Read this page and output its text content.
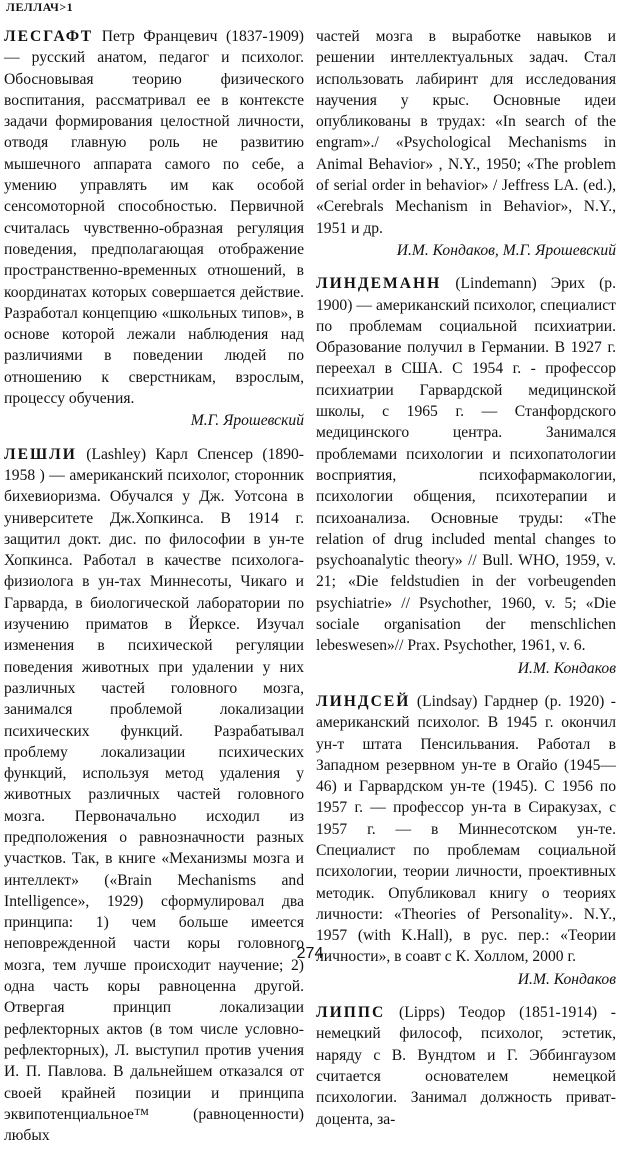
ЛЕЛЛАЧ>1

ЛЕСГАФТ Петр Францевич (1837-1909) — русский анатом, педагог и психолог. Обосновывая теорию физического воспитания, рассматривал ее в контексте задачи формирования целостной личности, отводя главную роль не развитию мышечного аппарата самого по себе, а умению управлять им как особой сенсомоторной способностью. Первичной считалась чувственно-образная регуляция поведения, предполагающая отображение пространственно-временных отношений, в координатах которых совершается действие. Разработал концепцию «школьных типов», в основе которой лежали наблюдения над различиями в поведении людей по отношению к сверстникам, взрослым, процессу обучения.

М.Г. Ярошевский

ЛЕШЛИ (Lashley) Карл Спенсер (1890-1958 ) — американский психолог, сторонник бихевиоризма. Обучался у Дж. Уотсона в университете Дж.Хопкинса. В 1914 г. защитил докт. дис. по философии в ун-те Хопкинса. Работал в качестве психолога-физиолога в ун-тах Миннесоты, Чикаго и Гарварда, в биологической лаборатории по изучению приматов в Йеркcе. Изучал изменения в психической регуляции поведения животных при удалении у них различных частей головного мозга, занимался проблемой локализации психических функций. Разрабатывал проблему локализации психических функций, используя метод удаления у животных различных частей головного мозга. Первоначально исходил из предположения о равнозначности разных участков. Так, в книге «Механизмы мозга и интеллект» («Brain Mechanisms and Intelligence», 1929) сформулировал два принципа: 1) чем больше имеется неповрежденной части коры головного мозга, тем лучше происходит научение; 2) одна часть коры равноценна другой. Отвергая принцип локализации рефлекторных актов (в том числе условно-рефлекторных), Л. выступил против учения И. П. Павлова. В дальнейшем отказался от своей крайней позиции и принципа эквипотенциальное™ (равноценности) любых

частей мозга в выработке навыков и решении интеллектуальных задач. Стал использовать лабиринт для исследования научения у крыс. Основные идеи опубликованы в трудах: «In search of the engram»./ «Psychological Mechanisms in Animal Behavior» , N.Y., 1950; «The problem of serial order in behavior» / Jeffress LA. (ed.), «Cerebrals Mechanism in Behavior», N.Y., 1951 и др.

И.М. Кондаков, М.Г. Ярошевский

ЛИНДЕМАНН (Lindemann) Эрих (р. 1900) — американский психолог, специалист по проблемам социальной психиатрии. Образование получил в Германии. В 1927 г. переехал в США. С 1954 г. - профессор психиатрии Гарвардской медицинской школы, с 1965 г. — Станфордского медицинского центра. Занимался проблемами психологии и психопатологии восприятия, психофармакологии, психологии общения, психотерапии и психоанализа. Основные труды: «The relation of drug included mental changes to psychoanalytic theory» // Bull. WHO, 1959, v. 21; «Die feldstudien in der vorbeugenden psychiatrie» // Psychother, 1960, v. 5; «Die sociale organisation der menschlichen lebeswesen»// Prax. Psychother, 1961, v. 6.

И.М. Кондаков

ЛИНДСЕЙ (Lindsay) Гарднер (р. 1920) - американский психолог. В 1945 г. окончил ун-т штата Пенсильвания. Работал в Западном резервном ун-те в Огайо (1945—46) и Гарвардском ун-те (1945). С 1956 по 1957 г. — профессор ун-та в Сиракузах, с 1957 г. — в Миннесотском ун-те. Специалист по проблемам социальной психологии, теории личности, проективных методик. Опубликовал книгу о теориях личности: «Theories of Personality». N.Y., 1957 (with K.Hall), в рус. пер.: «Теории личности», в соавт с К. Холлом, 2000 г.

И.М. Кондаков

ЛИППС (Lipps) Теодор (1851-1914) - немецкий философ, психолог, эстетик, наряду с В. Вундтом и Г. Эббингаузом считается основателем немецкой психологии. Занимал должность приват-доцента, за-

274
